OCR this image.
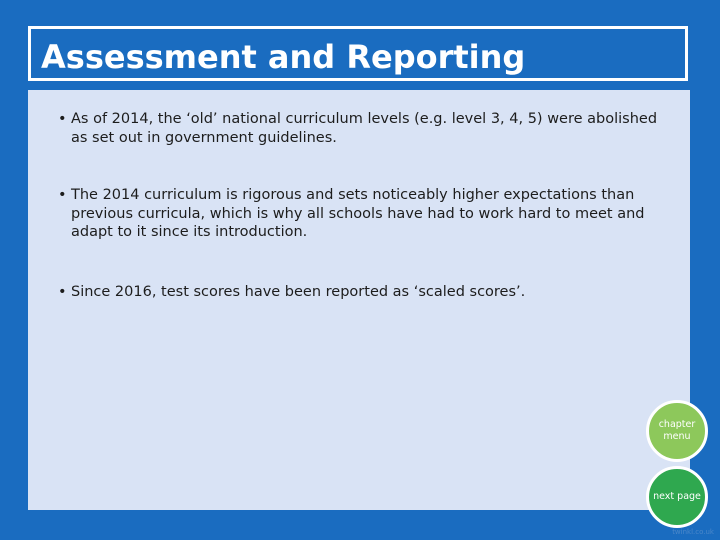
Assessment and Reporting
• As of 2014, the ‘old’ national curriculum levels (e.g. level 3, 4, 5) were abolished as set out in government guidelines.
• The 2014 curriculum is rigorous and sets noticeably higher expectations than previous curricula, which is why all schools have had to work hard to meet and adapt to it since its introduction.
• Since 2016, test scores have been reported as ‘scaled scores’.
chapter menu
next page
twinkl.co.uk
